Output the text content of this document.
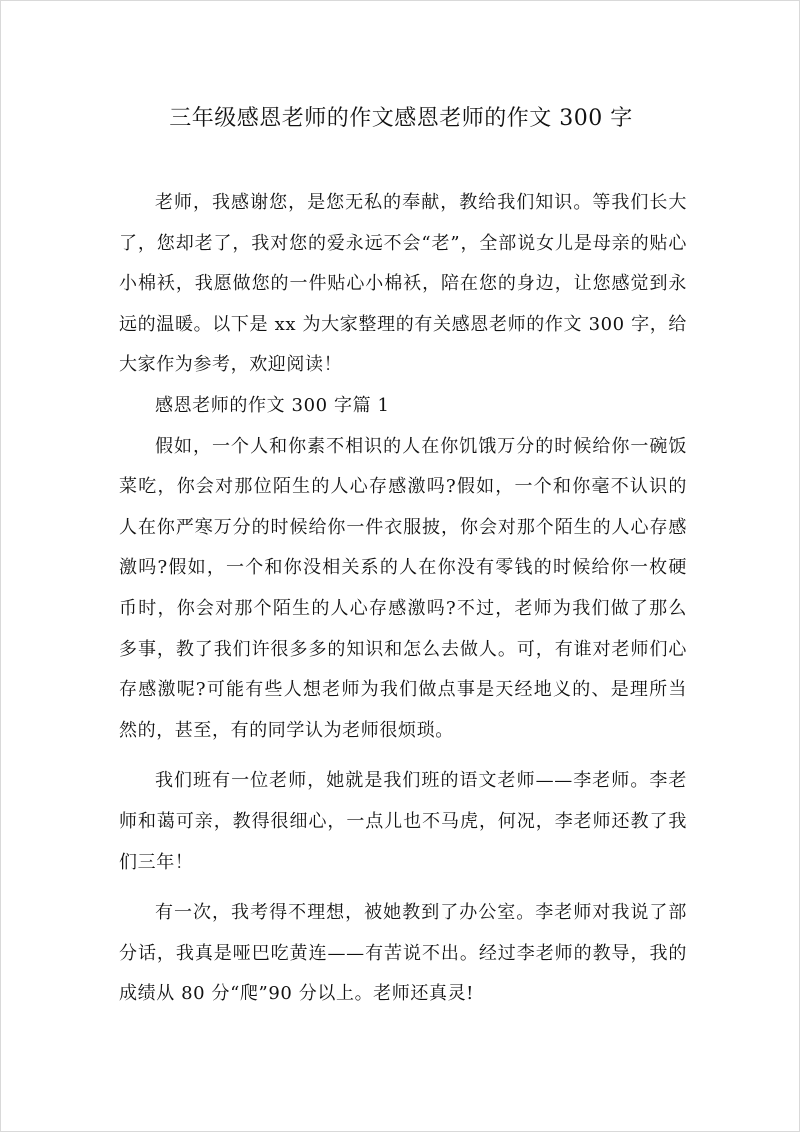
三年级感恩老师的作文感恩老师的作文 300 字

老师，我感谢您，是您无私的奉献，教给我们知识。等我们长大了，您却老了，我对您的爱永远不会“老”，全部说女儿是母亲的贴心小棉袄，我愿做您的一件贴心小棉袄，陪在您的身边，让您感觉到永远的温暖。以下是 xx 为大家整理的有关感恩老师的作文 300 字，给大家作为参考，欢迎阅读！

感恩老师的作文 300 字篇 1

假如，一个人和你素不相识的人在你饥饿万分的时候给你一碗饭菜吃，你会对那位陌生的人心存感激吗?假如，一个和你毫不认识的人在你严寒万分的时候给你一件衣服披，你会对那个陌生的人心存感激吗?假如，一个和你没相关系的人在你没有零钱的时候给你一枚硬币时，你会对那个陌生的人心存感激吗?不过，老师为我们做了那么多事，教了我们许很多多的知识和怎么去做人。可，有谁对老师们心存感激呢?可能有些人想老师为我们做点事是天经地义的、是理所当然的，甚至，有的同学认为老师很烦琐。

我们班有一位老师，她就是我们班的语文老师——李老师。李老师和蔼可亲，教得很细心，一点儿也不马虎，何况，李老师还教了我们三年！

有一次，我考得不理想，被她教到了办公室。李老师对我说了部分话，我真是哑巴吃黄连——有苦说不出。经过李老师的教导，我的成绩从 80 分“爬”90 分以上。老师还真灵!
